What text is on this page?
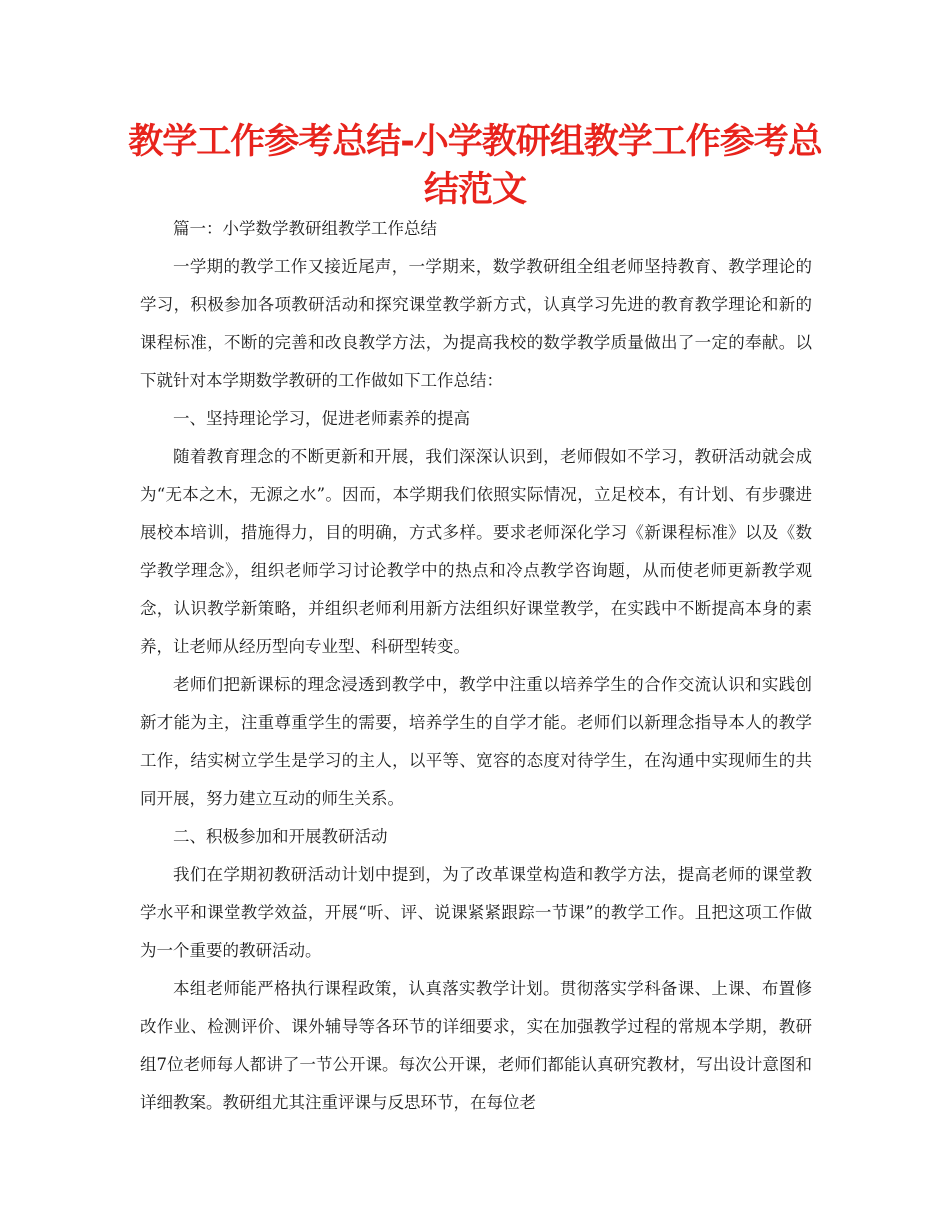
教学工作参考总结-小学教研组教学工作参考总结范文

篇一：小学数学教研组教学工作总结

一学期的教学工作又接近尾声，一学期来，数学教研组全组老师坚持教育、教学理论的学习，积极参加各项教研活动和探究课堂教学新方式，认真学习先进的教育教学理论和新的课程标准，不断的完善和改良教学方法，为提高我校的数学教学质量做出了一定的奉献。以下就针对本学期数学教研的工作做如下工作总结：

一、坚持理论学习，促进老师素养的提高

随着教育理念的不断更新和开展，我们深深认识到，老师假如不学习，教研活动就会成为“无本之木，无源之水”。因而，本学期我们依照实际情况，立足校本，有计划、有步骤进展校本培训，措施得力，目的明确，方式多样。要求老师深化学习《新课程标准》以及《数学教学理念》，组织老师学习讨论教学中的热点和冷点教学咨询题，从而使老师更新教学观念，认识教学新策略，并组织老师利用新方法组织好课堂教学，在实践中不断提高本身的素养，让老师从经历型向专业型、科研型转变。

老师们把新课标的理念浸透到教学中，教学中注重以培养学生的合作交流认识和实践创新才能为主，注重尊重学生的需要，培养学生的自学才能。老师们以新理念指导本人的教学工作，结实树立学生是学习的主人，以平等、宽容的态度对待学生，在沟通中实现师生的共同开展，努力建立互动的师生关系。

二、积极参加和开展教研活动

我们在学期初教研活动计划中提到，为了改革课堂构造和教学方法，提高老师的课堂教学水平和课堂教学效益，开展“听、评、说课紧紧跟踪一节课”的教学工作。且把这项工作做为一个重要的教研活动。

本组老师能严格执行课程政策，认真落实教学计划。贯彻落实学科备课、上课、布置修改作业、检测评价、课外辅导等各环节的详细要求，实在加强教学过程的常规本学期，教研组7位老师每人都讲了一节公开课。每次公开课，老师们都能认真研究教材，写出设计意图和详细教案。教研组尤其注重评课与反思环节，在每位老
